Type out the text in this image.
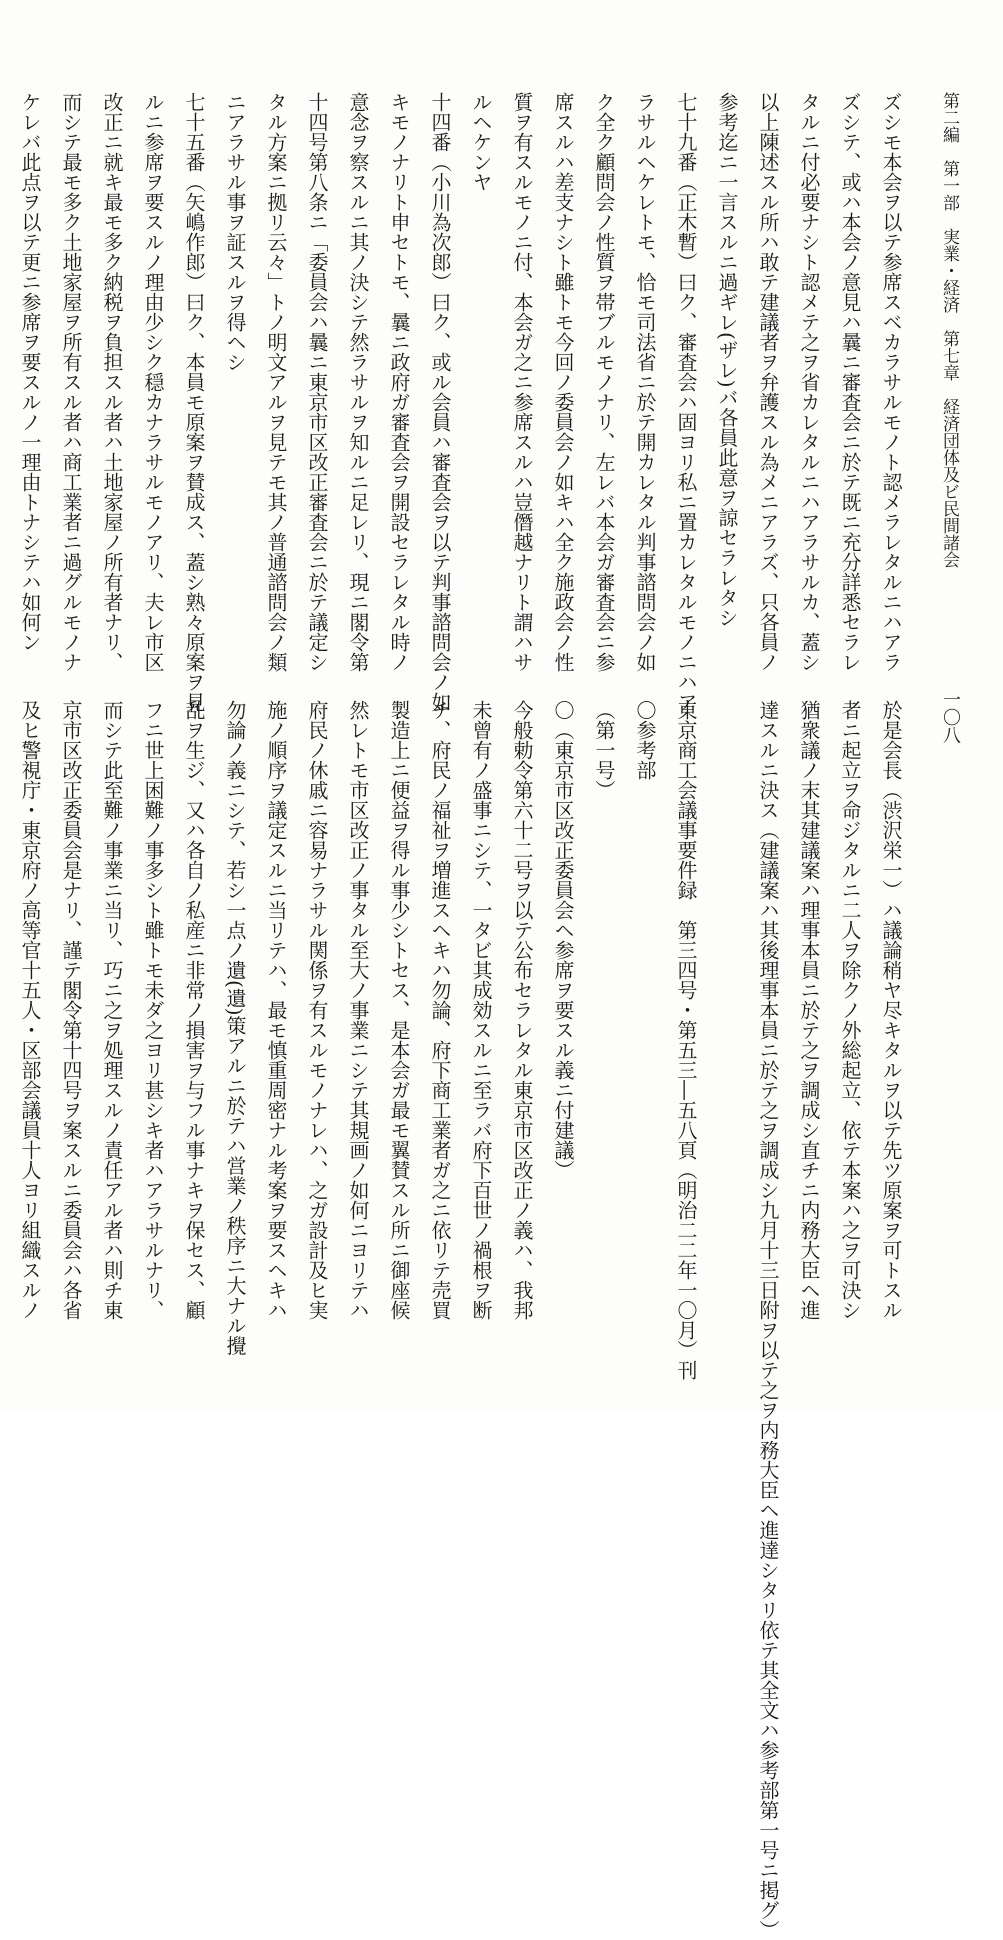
第二編　第一部　実業・経済　第七章　経済団体及ビ民間諸会
一〇八
ズシモ本会ヲ以テ参席スベカラサルモノト認メラレタルニハアラ
ズシテ、或ハ本会ノ意見ハ曩ニ審査会ニ於テ既ニ充分詳悉セラレ
タルニ付必要ナシト認メテ之ヲ省カレタルニハアラサルカ、蓋シ
以上陳述スル所ハ敢テ建議者ヲ弁護スル為メニアラズ、只各員ノ
参考迄ニ一言スルニ過ギレ(ザレ)バ各員此意ヲ諒セラレタシ
七十九番（正木暫）曰ク、審査会ハ固ヨリ私ニ置カレタルモノニハア
ラサルヘケレトモ、恰モ司法省ニ於テ開カレタル判事諮問会ノ如
ク全ク顧問会ノ性質ヲ帯ブルモノナリ、左レバ本会ガ審査会ニ参
席スルハ差支ナシト雖トモ今回ノ委員会ノ如キハ全ク施政会ノ性
質ヲ有スルモノニ付、本会ガ之ニ参席スルハ豈僭越ナリト謂ハサ
ルヘケンヤ
十四番（小川為次郎）曰ク、或ル会員ハ審査会ヲ以テ判事諮問会ノ如
キモノナリト申セトモ、曩ニ政府ガ審査会ヲ開設セラレタル時ノ
意念ヲ察スルニ其ノ決シテ然ラサルヲ知ルニ足レリ、現ニ閣令第
十四号第八条ニ「委員会ハ曩ニ東京市区改正審査会ニ於テ議定シ
タル方案ニ拠リ云々」トノ明文アルヲ見テモ其ノ普通諮問会ノ類
ニアラサル事ヲ証スルヲ得ヘシ
七十五番（矢嶋作郎）曰ク、本員モ原案ヲ賛成ス、蓋シ熟々原案ヲ見
ルニ参席ヲ要スルノ理由少シク穏カナラサルモノアリ、夫レ市区
改正ニ就キ最モ多ク納税ヲ負担スル者ハ土地家屋ノ所有者ナリ、
而シテ最モ多ク土地家屋ヲ所有スル者ハ商工業者ニ過グルモノナ
ケレバ此点ヲ以テ更ニ参席ヲ要スルノ一理由トナシテハ如何ン
於是会長（渋沢栄一）ハ議論稍ヤ尽キタルヲ以テ先ツ原案ヲ可トスル
者ニ起立ヲ命ジタルニ二人ヲ除クノ外総起立、依テ本案ハ之ヲ可決シ
猶衆議ノ末其建議案ハ理事本員ニ於テ之ヲ調成シ直チニ内務大臣ヘ進
達スルニ決ス（建議案ハ其後理事本員ニ於テ之ヲ調成シ九月十三日附ヲ以テ之ヲ内務大臣ヘ進達シタリ依テ其全文ハ参考部第一号ニ掲グ）

東京商工会議事要件録　第三四号・第五三―五八頁（明治二二年一〇月）刊
〇参考部
（第一号）
〇（東京市区改正委員会ヘ参席ヲ要スル義ニ付建議）
今般勅令第六十二号ヲ以テ公布セラレタル東京市区改正ノ義ハ、我邦
未曾有ノ盛事ニシテ、一タビ其成効スルニ至ラバ府下百世ノ禍根ヲ断
チ、府民ノ福祉ヲ増進スヘキハ勿論、府下商工業者ガ之ニ依リテ売買
製造上ニ便益ヲ得ル事少シトセス、是本会ガ最モ翼賛スル所ニ御座候
然レトモ市区改正ノ事タル至大ノ事業ニシテ其規画ノ如何ニヨリテハ
府民ノ休戚ニ容易ナラサル関係ヲ有スルモノナレハ、之ガ設計及ヒ実
施ノ順序ヲ議定スルニ当リテハ、最モ慎重周密ナル考案ヲ要スヘキハ
勿論ノ義ニシテ、若シ一点ノ遺(遺)策アルニ於テハ営業ノ秩序ニ大ナル攪
乱ヲ生ジ、又ハ各自ノ私産ニ非常ノ損害ヲ与フル事ナキヲ保セス、顧
フニ世上困難ノ事多シト雖トモ未ダ之ヨリ甚シキ者ハアラサルナリ、
而シテ此至難ノ事業ニ当リ、巧ニ之ヲ処理スルノ責任アル者ハ則チ東
京市区改正委員会是ナリ、謹テ閣令第十四号ヲ案スルニ委員会ハ各省
及ヒ警視庁・東京府ノ高等官十五人・区部会議員十人ヨリ組織スルノ
